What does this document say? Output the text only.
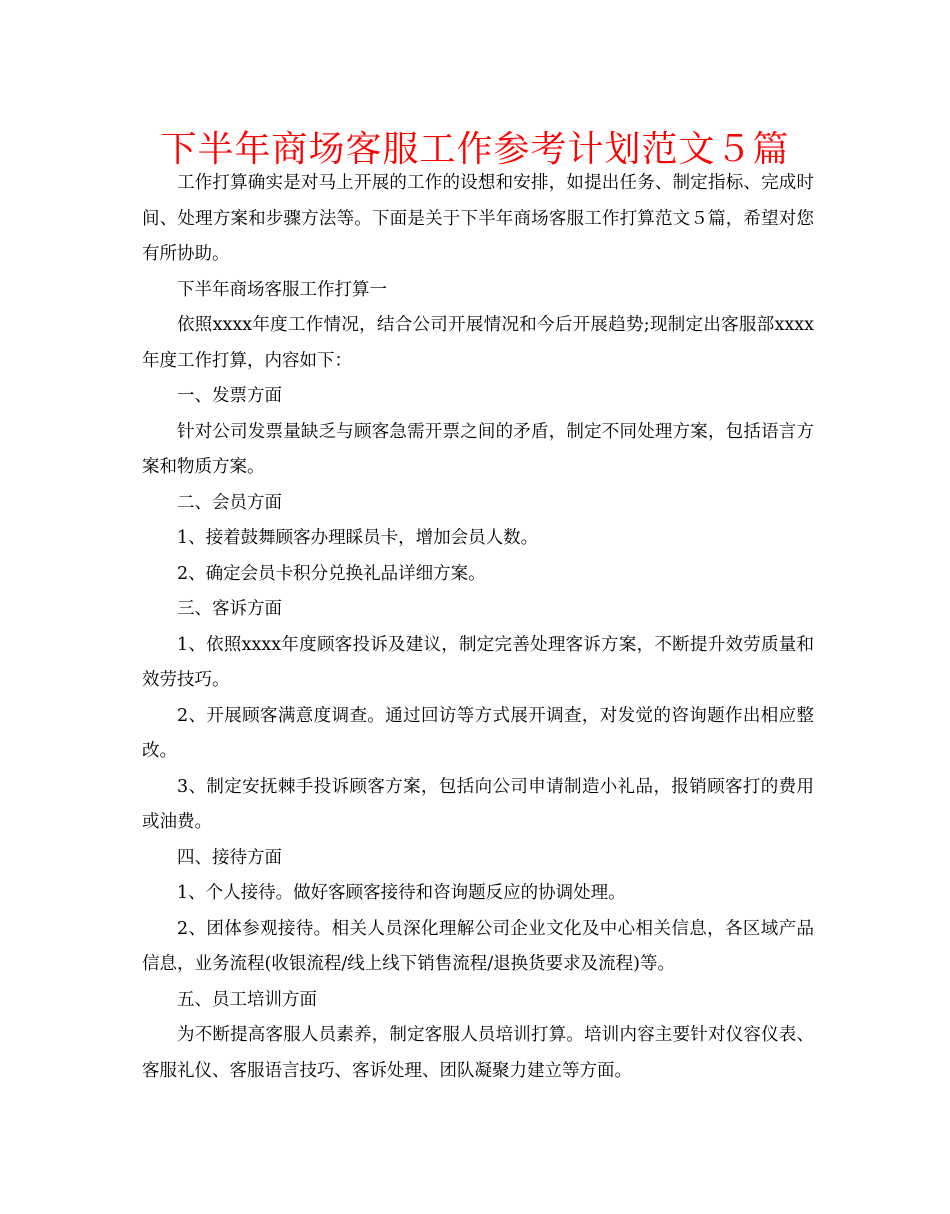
下半年商场客服工作参考计划范文５篇

工作打算确实是对马上开展的工作的设想和安排，如提出任务、制定指标、完成时间、处理方案和步骤方法等。下面是关于下半年商场客服工作打算范文５篇，希望对您有所协助。

下半年商场客服工作打算一

依照xxxx年度工作情况，结合公司开展情况和今后开展趋势;现制定出客服部xxxx年度工作打算，内容如下：

一、发票方面

针对公司发票量缺乏与顾客急需开票之间的矛盾，制定不同处理方案，包括语言方案和物质方案。

二、会员方面

1、接着鼓舞顾客办理睬员卡，增加会员人数。

2、确定会员卡积分兑换礼品详细方案。

三、客诉方面

1、依照xxxx年度顾客投诉及建议，制定完善处理客诉方案，不断提升效劳质量和效劳技巧。

2、开展顾客满意度调查。通过回访等方式展开调查，对发觉的咨询题作出相应整改。

3、制定安抚棘手投诉顾客方案，包括向公司申请制造小礼品，报销顾客打的费用或油费。

四、接待方面

1、个人接待。做好客顾客接待和咨询题反应的协调处理。

2、团体参观接待。相关人员深化理解公司企业文化及中心相关信息，各区域产品信息，业务流程(收银流程/线上线下销售流程/退换货要求及流程)等。

五、员工培训方面

为不断提高客服人员素养，制定客服人员培训打算。培训内容主要针对仪容仪表、客服礼仪、客服语言技巧、客诉处理、团队凝聚力建立等方面。
